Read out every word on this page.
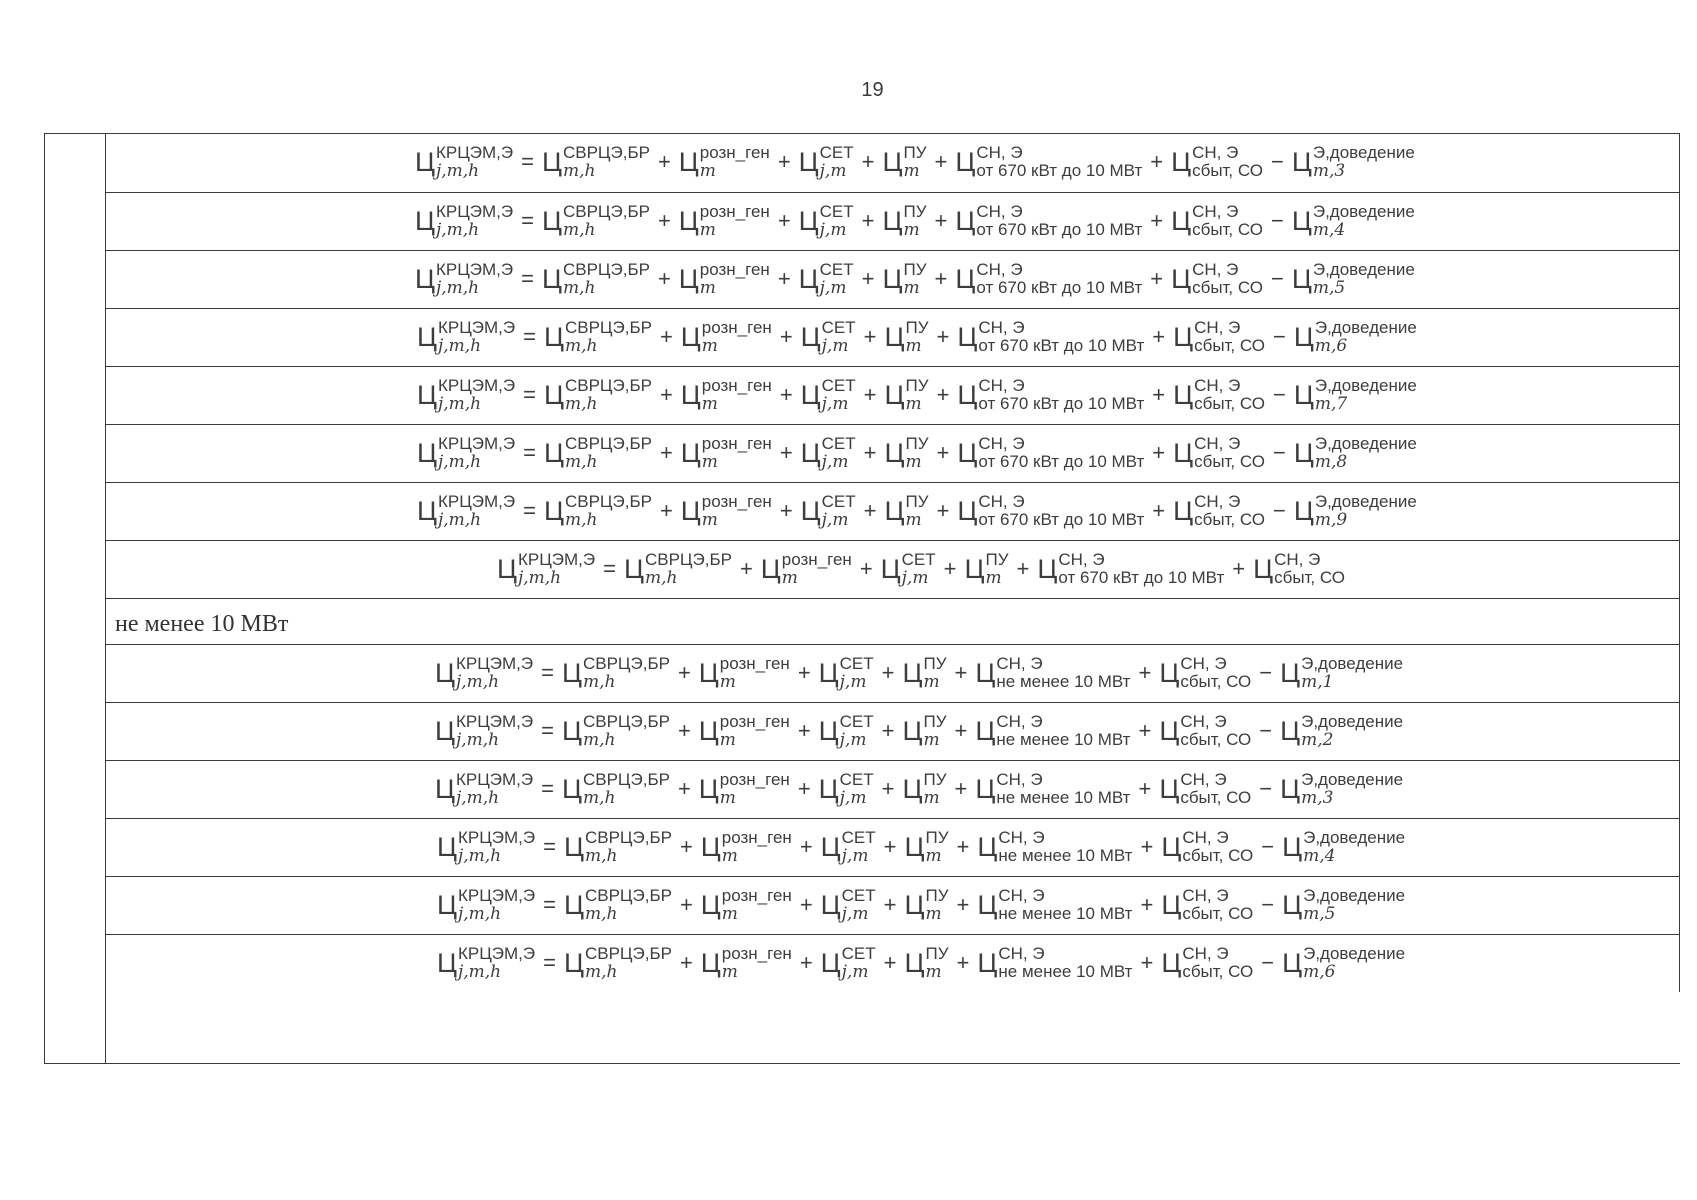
19
Ц КРЦЭМ,Э
j,m,h	= Ц СВРЦЭ,БР
m,h	+ Ц розн_ген
m	+ Ц СЕТ
j,m + Ц ПУ
m + Ц СН, Э
от 670 кВт до 10 МВт + Ц СН, Э
сбыт, СО − Ц Э,доведение
m,3
Ц КРЦЭМ,Э
j,m,h	= Ц СВРЦЭ,БР
m,h	+ Ц розн_ген
m	+ Ц СЕТ
j,m + Ц ПУ
m + Ц СН, Э
от 670 кВт до 10 МВт + Ц СН, Э
сбыт, СО − Ц Э,доведение
m,4
Ц КРЦЭМ,Э
j,m,h	= Ц СВРЦЭ,БР
m,h	+ Ц розн_ген
m	+ Ц СЕТ
j,m + Ц ПУ
m + Ц СН, Э
от 670 кВт до 10 МВт + Ц СН, Э
сбыт, СО − Ц Э,доведение
m,5
Ц КРЦЭМ,Э
j,m,h	= Ц СВРЦЭ,БР
m,h	+ Ц розн_ген
m	+ Ц СЕТ
j,m + Ц ПУ
m + Ц СН, Э
от 670 кВт до 10 МВт + Ц СН, Э
сбыт, СО − Ц Э,доведение
m,6
Ц КРЦЭМ,Э
j,m,h	= Ц СВРЦЭ,БР
m,h	+ Ц розн_ген
m	+ Ц СЕТ
j,m + Ц ПУ
m + Ц СН, Э
от 670 кВт до 10 МВт + Ц СН, Э
сбыт, СО − Ц Э,доведение
m,7
Ц КРЦЭМ,Э
j,m,h	= Ц СВРЦЭ,БР
m,h	+ Ц розн_ген
m	+ Ц СЕТ
j,m + Ц ПУ
m + Ц СН, Э
от 670 кВт до 10 МВт + Ц СН, Э
сбыт, СО − Ц Э,доведение
m,8
Ц КРЦЭМ,Э
j,m,h	= Ц СВРЦЭ,БР
m,h	+ Ц розн_ген
m	+ Ц СЕТ
j,m + Ц ПУ
m + Ц СН, Э
от 670 кВт до 10 МВт + Ц СН, Э
сбыт, СО − Ц Э,доведение
m,9
Ц КРЦЭМ,Э
j,m,h	= Ц СВРЦЭ,БР
m,h	+ Ц розн_ген
m	+ Ц СЕТ
j,m + Ц ПУ
m + Ц СН, Э
от 670 кВт до 10 МВт + Ц СН, Э
сбыт, СО
не менее 10 МВт
Ц КРЦЭМ,Э
j,m,h	= Ц СВРЦЭ,БР
m,h	+ Ц розн_ген
m	+ Ц СЕТ
j,m + Ц ПУ
m + Ц СН, Э
не менее 10 МВт + Ц СН, Э
сбыт, СО − Ц Э,доведение
m,1
Ц КРЦЭМ,Э
j,m,h	= Ц СВРЦЭ,БР
m,h	+ Ц розн_ген
m	+ Ц СЕТ
j,m + Ц ПУ
m + Ц СН, Э
не менее 10 МВт + Ц СН, Э
сбыт, СО − Ц Э,доведение
m,2
Ц КРЦЭМ,Э
j,m,h	= Ц СВРЦЭ,БР
m,h	+ Ц розн_ген
m	+ Ц СЕТ
j,m + Ц ПУ
m + Ц СН, Э
не менее 10 МВт + Ц СН, Э
сбыт, СО − Ц Э,доведение
m,3
Ц КРЦЭМ,Э
j,m,h	= Ц СВРЦЭ,БР
m,h	+ Ц розн_ген
m	+ Ц СЕТ
j,m + Ц ПУ
m + Ц СН, Э
не менее 10 МВт + Ц СН, Э
сбыт, СО − Ц Э,доведение
m,4
Ц КРЦЭМ,Э
j,m,h	= Ц СВРЦЭ,БР
m,h	+ Ц розн_ген
m	+ Ц СЕТ
j,m + Ц ПУ
m + Ц СН, Э
не менее 10 МВт + Ц СН, Э
сбыт, СО − Ц Э,доведение
m,5
Ц КРЦЭМ,Э
j,m,h	= Ц СВРЦЭ,БР
m,h	+ Ц розн_ген
m	+ Ц СЕТ
j,m + Ц ПУ
m + Ц СН, Э
не менее 10 МВт + Ц СН, Э
сбыт, СО − Ц Э,доведение
m,6
